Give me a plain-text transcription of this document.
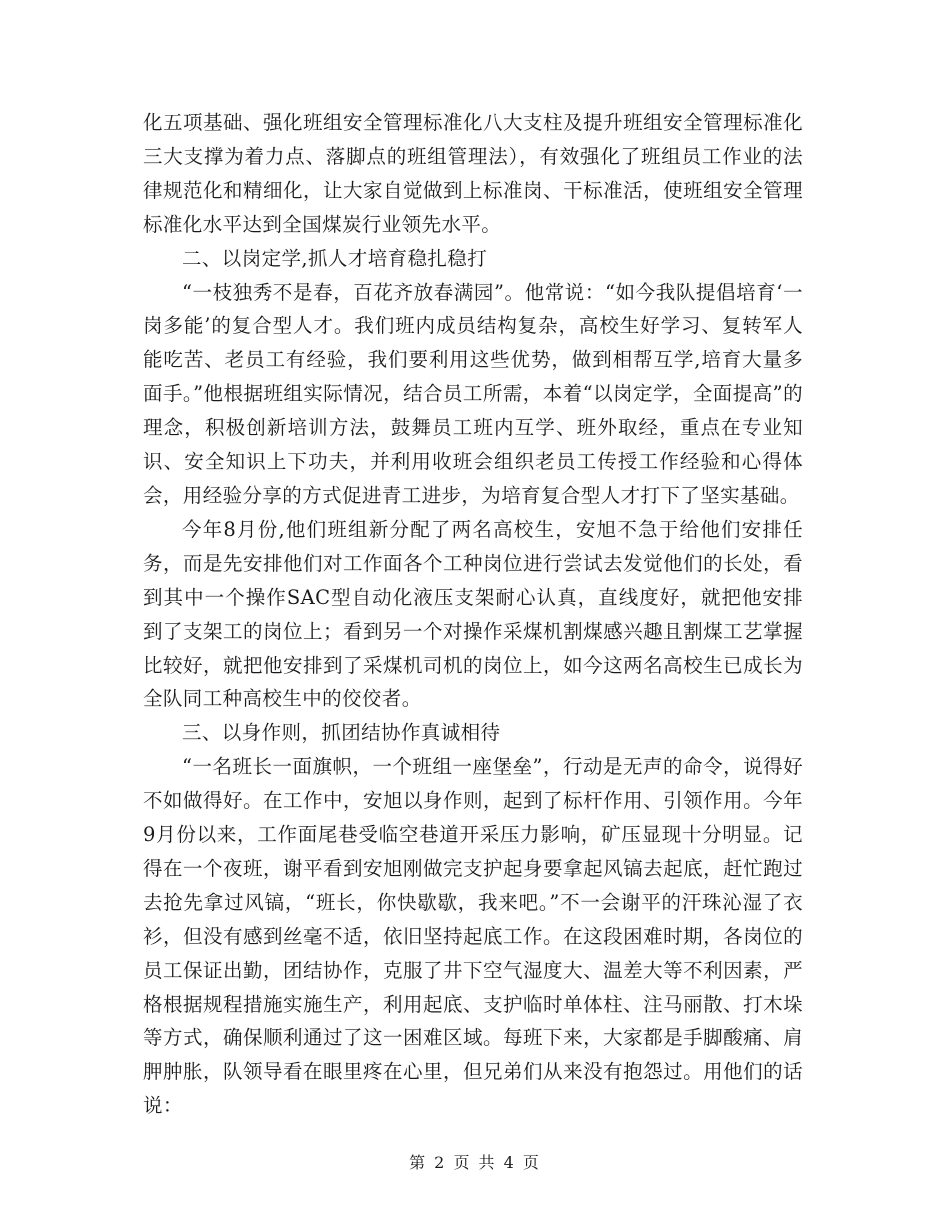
化五项基础、强化班组安全管理标准化八大支柱及提升班组安全管理标准化三大支撑为着力点、落脚点的班组管理法），有效强化了班组员工作业的法律规范化和精细化，让大家自觉做到上标准岗、干标准活，使班组安全管理标准化水平达到全国煤炭行业领先水平。

二、以岗定学,抓人才培育稳扎稳打

“一枝独秀不是春，百花齐放春满园”。他常说：“如今我队提倡培育‘一岗多能’的复合型人才。我们班内成员结构复杂，高校生好学习、复转军人能吃苦、老员工有经验，我们要利用这些优势，做到相帮互学,培育大量多面手。”他根据班组实际情况，结合员工所需，本着“以岗定学，全面提高”的理念，积极创新培训方法，鼓舞员工班内互学、班外取经，重点在专业知识、安全知识上下功夫，并利用收班会组织老员工传授工作经验和心得体会，用经验分享的方式促进青工进步，为培育复合型人才打下了坚实基础。

今年8月份,他们班组新分配了两名高校生，安旭不急于给他们安排任务，而是先安排他们对工作面各个工种岗位进行尝试去发觉他们的长处，看到其中一个操作SAC型自动化液压支架耐心认真，直线度好，就把他安排到了支架工的岗位上；看到另一个对操作采煤机割煤感兴趣且割煤工艺掌握比较好，就把他安排到了采煤机司机的岗位上，如今这两名高校生已成长为全队同工种高校生中的佼佼者。

三、以身作则，抓团结协作真诚相待

“一名班长一面旗帜，一个班组一座堡垒”，行动是无声的命令，说得好不如做得好。在工作中，安旭以身作则，起到了标杆作用、引领作用。今年9月份以来，工作面尾巷受临空巷道开采压力影响，矿压显现十分明显。记得在一个夜班，谢平看到安旭刚做完支护起身要拿起风镐去起底，赶忙跑过去抢先拿过风镐，“班长，你快歇歇，我来吧。”不一会谢平的汗珠沁湿了衣衫，但没有感到丝毫不适，依旧坚持起底工作。在这段困难时期，各岗位的员工保证出勤，团结协作，克服了井下空气湿度大、温差大等不利因素，严格根据规程措施实施生产，利用起底、支护临时单体柱、注马丽散、打木垛等方式，确保顺利通过了这一困难区域。每班下来，大家都是手脚酸痛、肩胛肿胀，队领导看在眼里疼在心里，但兄弟们从来没有抱怨过。用他们的话说：

第 2 页 共 4 页
